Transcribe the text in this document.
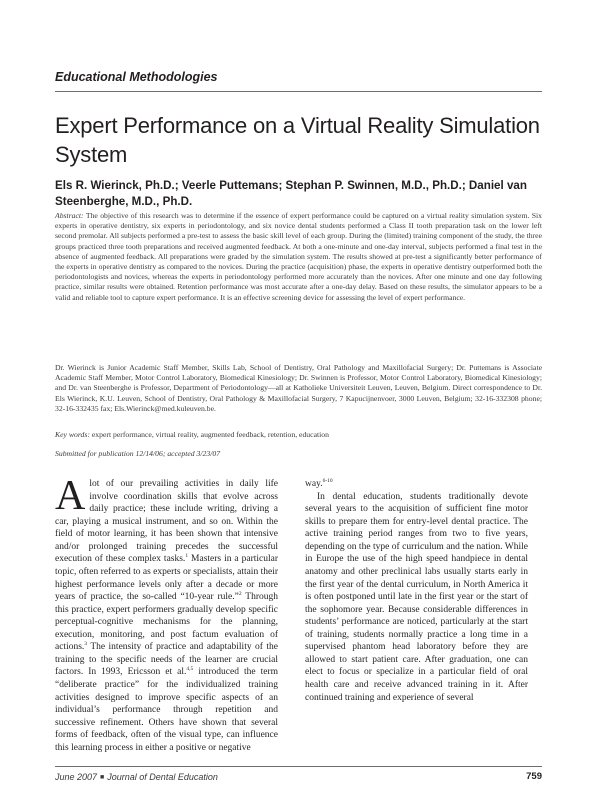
Educational Methodologies
Expert Performance on a Virtual Reality Simulation System
Els R. Wierinck, Ph.D.; Veerle Puttemans; Stephan P. Swinnen, M.D., Ph.D.; Daniel van Steenberghe, M.D., Ph.D.
Abstract: The objective of this research was to determine if the essence of expert performance could be captured on a virtual reality simulation system. Six experts in operative dentistry, six experts in periodontology, and six novice dental students performed a Class II tooth preparation task on the lower left second premolar. All subjects performed a pre-test to assess the basic skill level of each group. During the (limited) training component of the study, the three groups practiced three tooth preparations and received augmented feedback. At both a one-minute and one-day interval, subjects performed a final test in the absence of augmented feedback. All preparations were graded by the simulation system. The results showed at pre-test a significantly better performance of the experts in operative dentistry as compared to the novices. During the practice (acquisition) phase, the experts in operative dentistry outperformed both the periodontologists and novices, whereas the experts in periodontology performed more accurately than the novices. After one minute and one day following practice, similar results were obtained. Retention performance was most accurate after a one-day delay. Based on these results, the simulator appears to be a valid and reliable tool to capture expert performance. It is an effective screening device for assessing the level of expert performance.
Dr. Wierinck is Junior Academic Staff Member, Skills Lab, School of Dentistry, Oral Pathology and Maxillofacial Surgery; Dr. Puttemans is Associate Academic Staff Member, Motor Control Laboratory, Biomedical Kinesiology; Dr. Swinnen is Professor, Motor Control Laboratory, Biomedical Kinesiology; and Dr. van Steenberghe is Professor, Department of Periodontology—all at Katholieke Universiteit Leuven, Leuven, Belgium. Direct correspondence to Dr. Els Wierinck, K.U. Leuven, School of Dentistry, Oral Pathology & Maxillofacial Surgery, 7 Kapucijnenvoer, 3000 Leuven, Belgium; 32-16-332308 phone; 32-16-332435 fax; Els.Wierinck@med.kuleuven.be.
Key words: expert performance, virtual reality, augmented feedback, retention, education
Submitted for publication 12/14/06; accepted 3/23/07

Alot of our prevailing activities in daily life involve coordination skills that evolve across daily practice; these include writing, driving a car, playing a musical instrument, and so on. Within the field of motor learning, it has been shown that intensive and/or prolonged training precedes the successful execution of these complex tasks.$^1$ Masters in a particular topic, often referred to as experts or specialists, attain their highest performance levels only after a decade or more years of practice, the so-called “10-year rule.”$^2$ Through this practice, expert performers gradually develop specific perceptual-cognitive mechanisms for the planning, execution, monitoring, and post factum evaluation of actions.$^3$ The intensity of practice and adaptability of the training to the specific needs of the learner are crucial factors. In 1993, Ericsson et al.$^{4,5}$ introduced the term “deliberate practice” for the individualized training activities designed to improve specific aspects of an individual’s performance through repetition and successive refinement. Others have shown that several forms of feedback, often of the visual type, can influence this learning process in either a positive or negative

way.$^{6-10}$

In dental education, students traditionally devote several years to the acquisition of sufficient fine motor skills to prepare them for entry-level dental practice. The active training period ranges from two to five years, depending on the type of curriculum and the nation. While in Europe the use of the high speed handpiece in dental anatomy and other preclinical labs usually starts early in the first year of the dental curriculum, in North America it is often postponed until late in the first year or the start of the sophomore year. Because considerable differences in students’ performance are noticed, particularly at the start of training, students normally practice a long time in a supervised phantom head laboratory before they are allowed to start patient care. After graduation, one can elect to focus or specialize in a particular field of oral health care and receive advanced training in it. After continued training and experience of several

June 2007 ■ Journal of Dental Education	759
